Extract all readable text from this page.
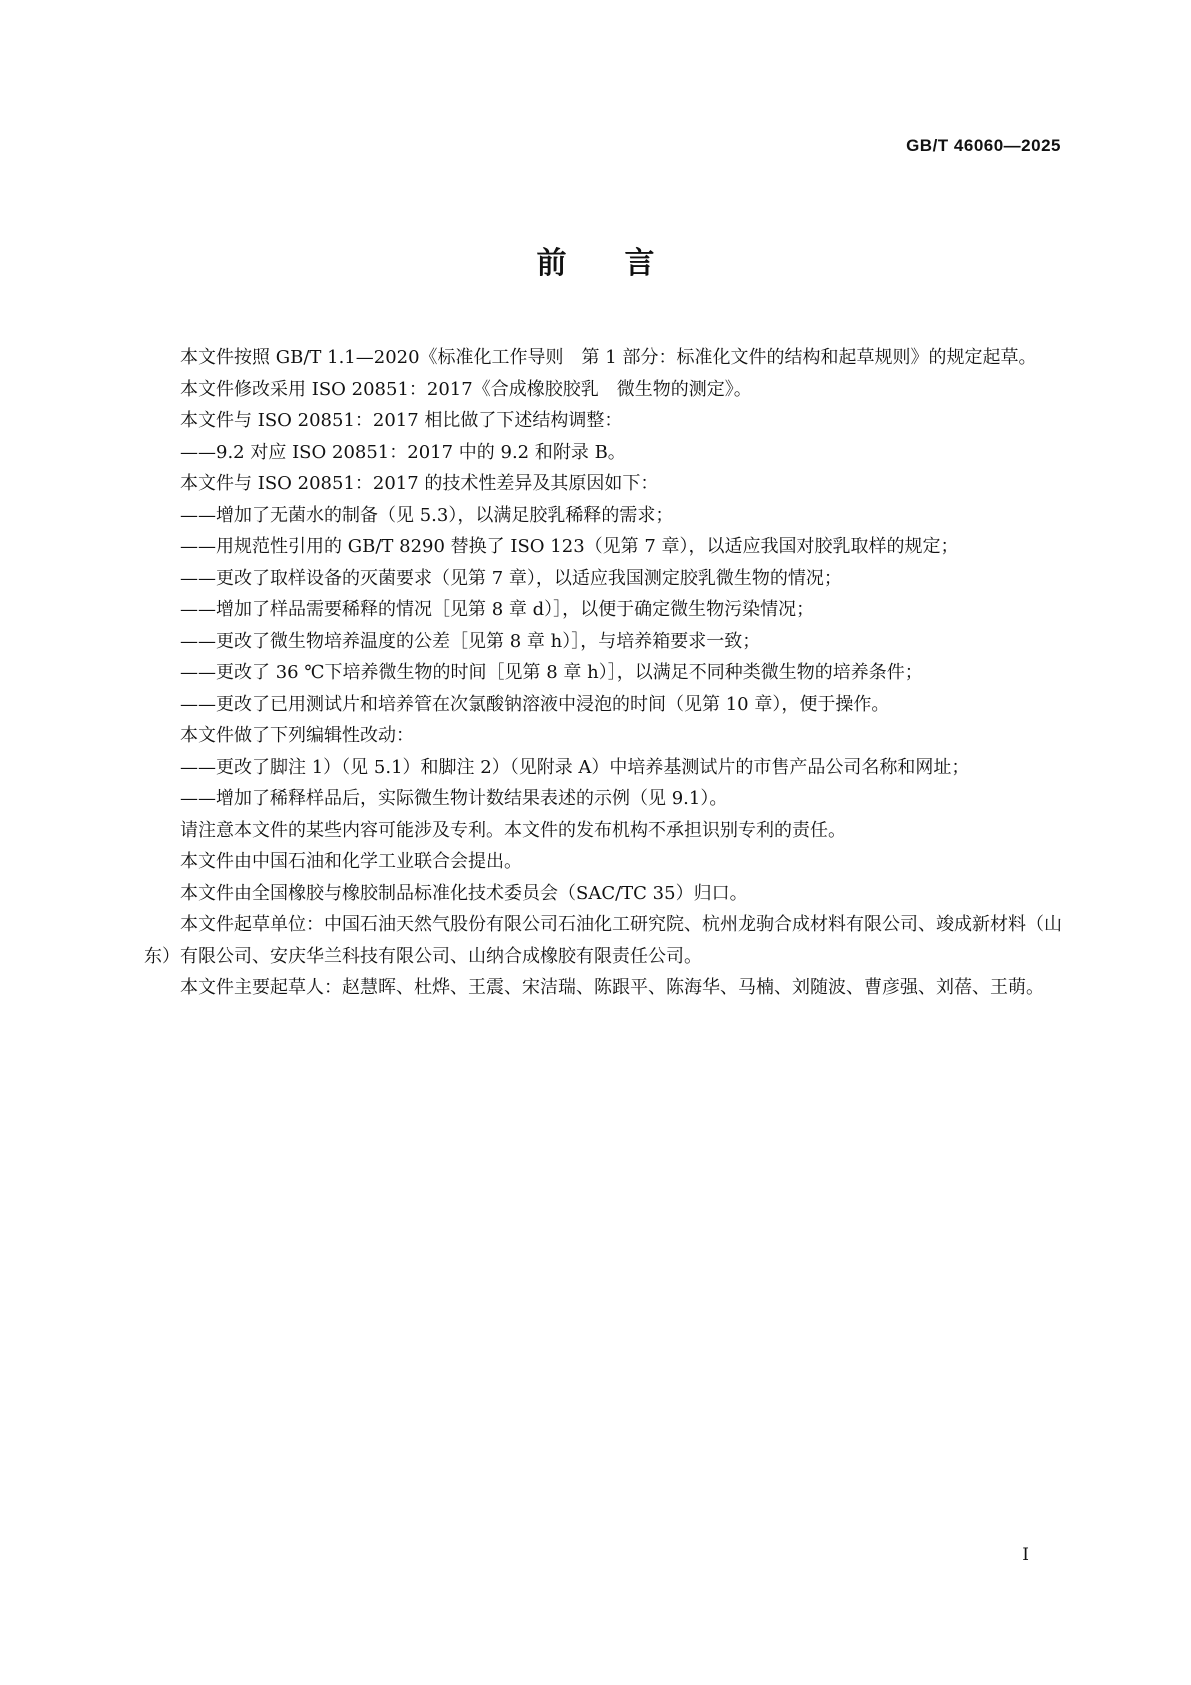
GB/T 46060—2025
前言

本文件按照 GB/T 1.1—2020《标准化工作导则　第 1 部分：标准化文件的结构和起草规则》的规定起草。

本文件修改采用 ISO 20851：2017《合成橡胶胶乳　微生物的测定》。

本文件与 ISO 20851：2017 相比做了下述结构调整：

——9.2 对应 ISO 20851：2017 中的 9.2 和附录 B。

本文件与 ISO 20851：2017 的技术性差异及其原因如下：

——增加了无菌水的制备（见 5.3），以满足胶乳稀释的需求；

——用规范性引用的 GB/T 8290 替换了 ISO 123（见第 7 章），以适应我国对胶乳取样的规定；

——更改了取样设备的灭菌要求（见第 7 章），以适应我国测定胶乳微生物的情况；

——增加了样品需要稀释的情况［见第 8 章 d）］，以便于确定微生物污染情况；

——更改了微生物培养温度的公差［见第 8 章 h）］，与培养箱要求一致；

——更改了 36 ℃下培养微生物的时间［见第 8 章 h）］，以满足不同种类微生物的培养条件；

——更改了已用测试片和培养管在次氯酸钠溶液中浸泡的时间（见第 10 章），便于操作。

本文件做了下列编辑性改动：

——更改了脚注 1）（见 5.1）和脚注 2）（见附录 A）中培养基测试片的市售产品公司名称和网址；

——增加了稀释样品后，实际微生物计数结果表述的示例（见 9.1）。

请注意本文件的某些内容可能涉及专利。本文件的发布机构不承担识别专利的责任。

本文件由中国石油和化学工业联合会提出。

本文件由全国橡胶与橡胶制品标准化技术委员会（SAC/TC 35）归口。

本文件起草单位：中国石油天然气股份有限公司石油化工研究院、杭州龙驹合成材料有限公司、竣成新材料（山东）有限公司、安庆华兰科技有限公司、山纳合成橡胶有限责任公司。

本文件主要起草人：赵慧晖、杜烨、王震、宋洁瑞、陈跟平、陈海华、马楠、刘随波、曹彦强、刘蓓、王萌。

I
